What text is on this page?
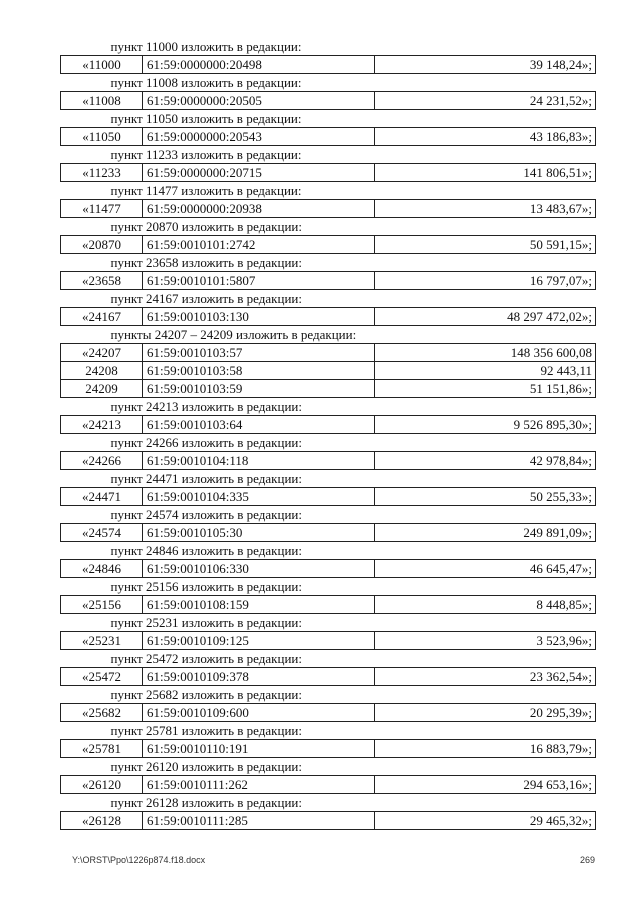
пункт 11000 изложить в редакции:		
«11000	61:59:0000000:20498	39 148,24»;
пункт 11008 изложить в редакции:		
«11008	61:59:0000000:20505	24 231,52»;
пункт 11050 изложить в редакции:		
«11050	61:59:0000000:20543	43 186,83»;
пункт 11233 изложить в редакции:		
«11233	61:59:0000000:20715	141 806,51»;
пункт 11477 изложить в редакции:		
«11477	61:59:0000000:20938	13 483,67»;
пункт 20870 изложить в редакции:		
«20870	61:59:0010101:2742	50 591,15»;
пункт 23658 изложить в редакции:		
«23658	61:59:0010101:5807	16 797,07»;
пункт 24167 изложить в редакции:		
«24167	61:59:0010103:130	48 297 472,02»;
пункты 24207 – 24209 изложить в редакции:		
«24207	61:59:0010103:57	148 356 600,08
24208	61:59:0010103:58	92 443,11
24209	61:59:0010103:59	51 151,86»;
пункт 24213 изложить в редакции:		
«24213	61:59:0010103:64	9 526 895,30»;
пункт 24266 изложить в редакции:		
«24266	61:59:0010104:118	42 978,84»;
пункт 24471 изложить в редакции:		
«24471	61:59:0010104:335	50 255,33»;
пункт 24574 изложить в редакции:		
«24574	61:59:0010105:30	249 891,09»;
пункт 24846 изложить в редакции:		
«24846	61:59:0010106:330	46 645,47»;
пункт 25156 изложить в редакции:		
«25156	61:59:0010108:159	8 448,85»;
пункт 25231 изложить в редакции:		
«25231	61:59:0010109:125	3 523,96»;
пункт 25472 изложить в редакции:		
«25472	61:59:0010109:378	23 362,54»;
пункт 25682 изложить в редакции:		
«25682	61:59:0010109:600	20 295,39»;
пункт 25781 изложить в редакции:		
«25781	61:59:0010110:191	16 883,79»;
пункт 26120 изложить в редакции:		
«26120	61:59:0010111:262	294 653,16»;
пункт 26128 изложить в редакции:		
«26128	61:59:0010111:285	29 465,32»;
Y:\ORST\Ppo\1226p874.f18.docx	269
